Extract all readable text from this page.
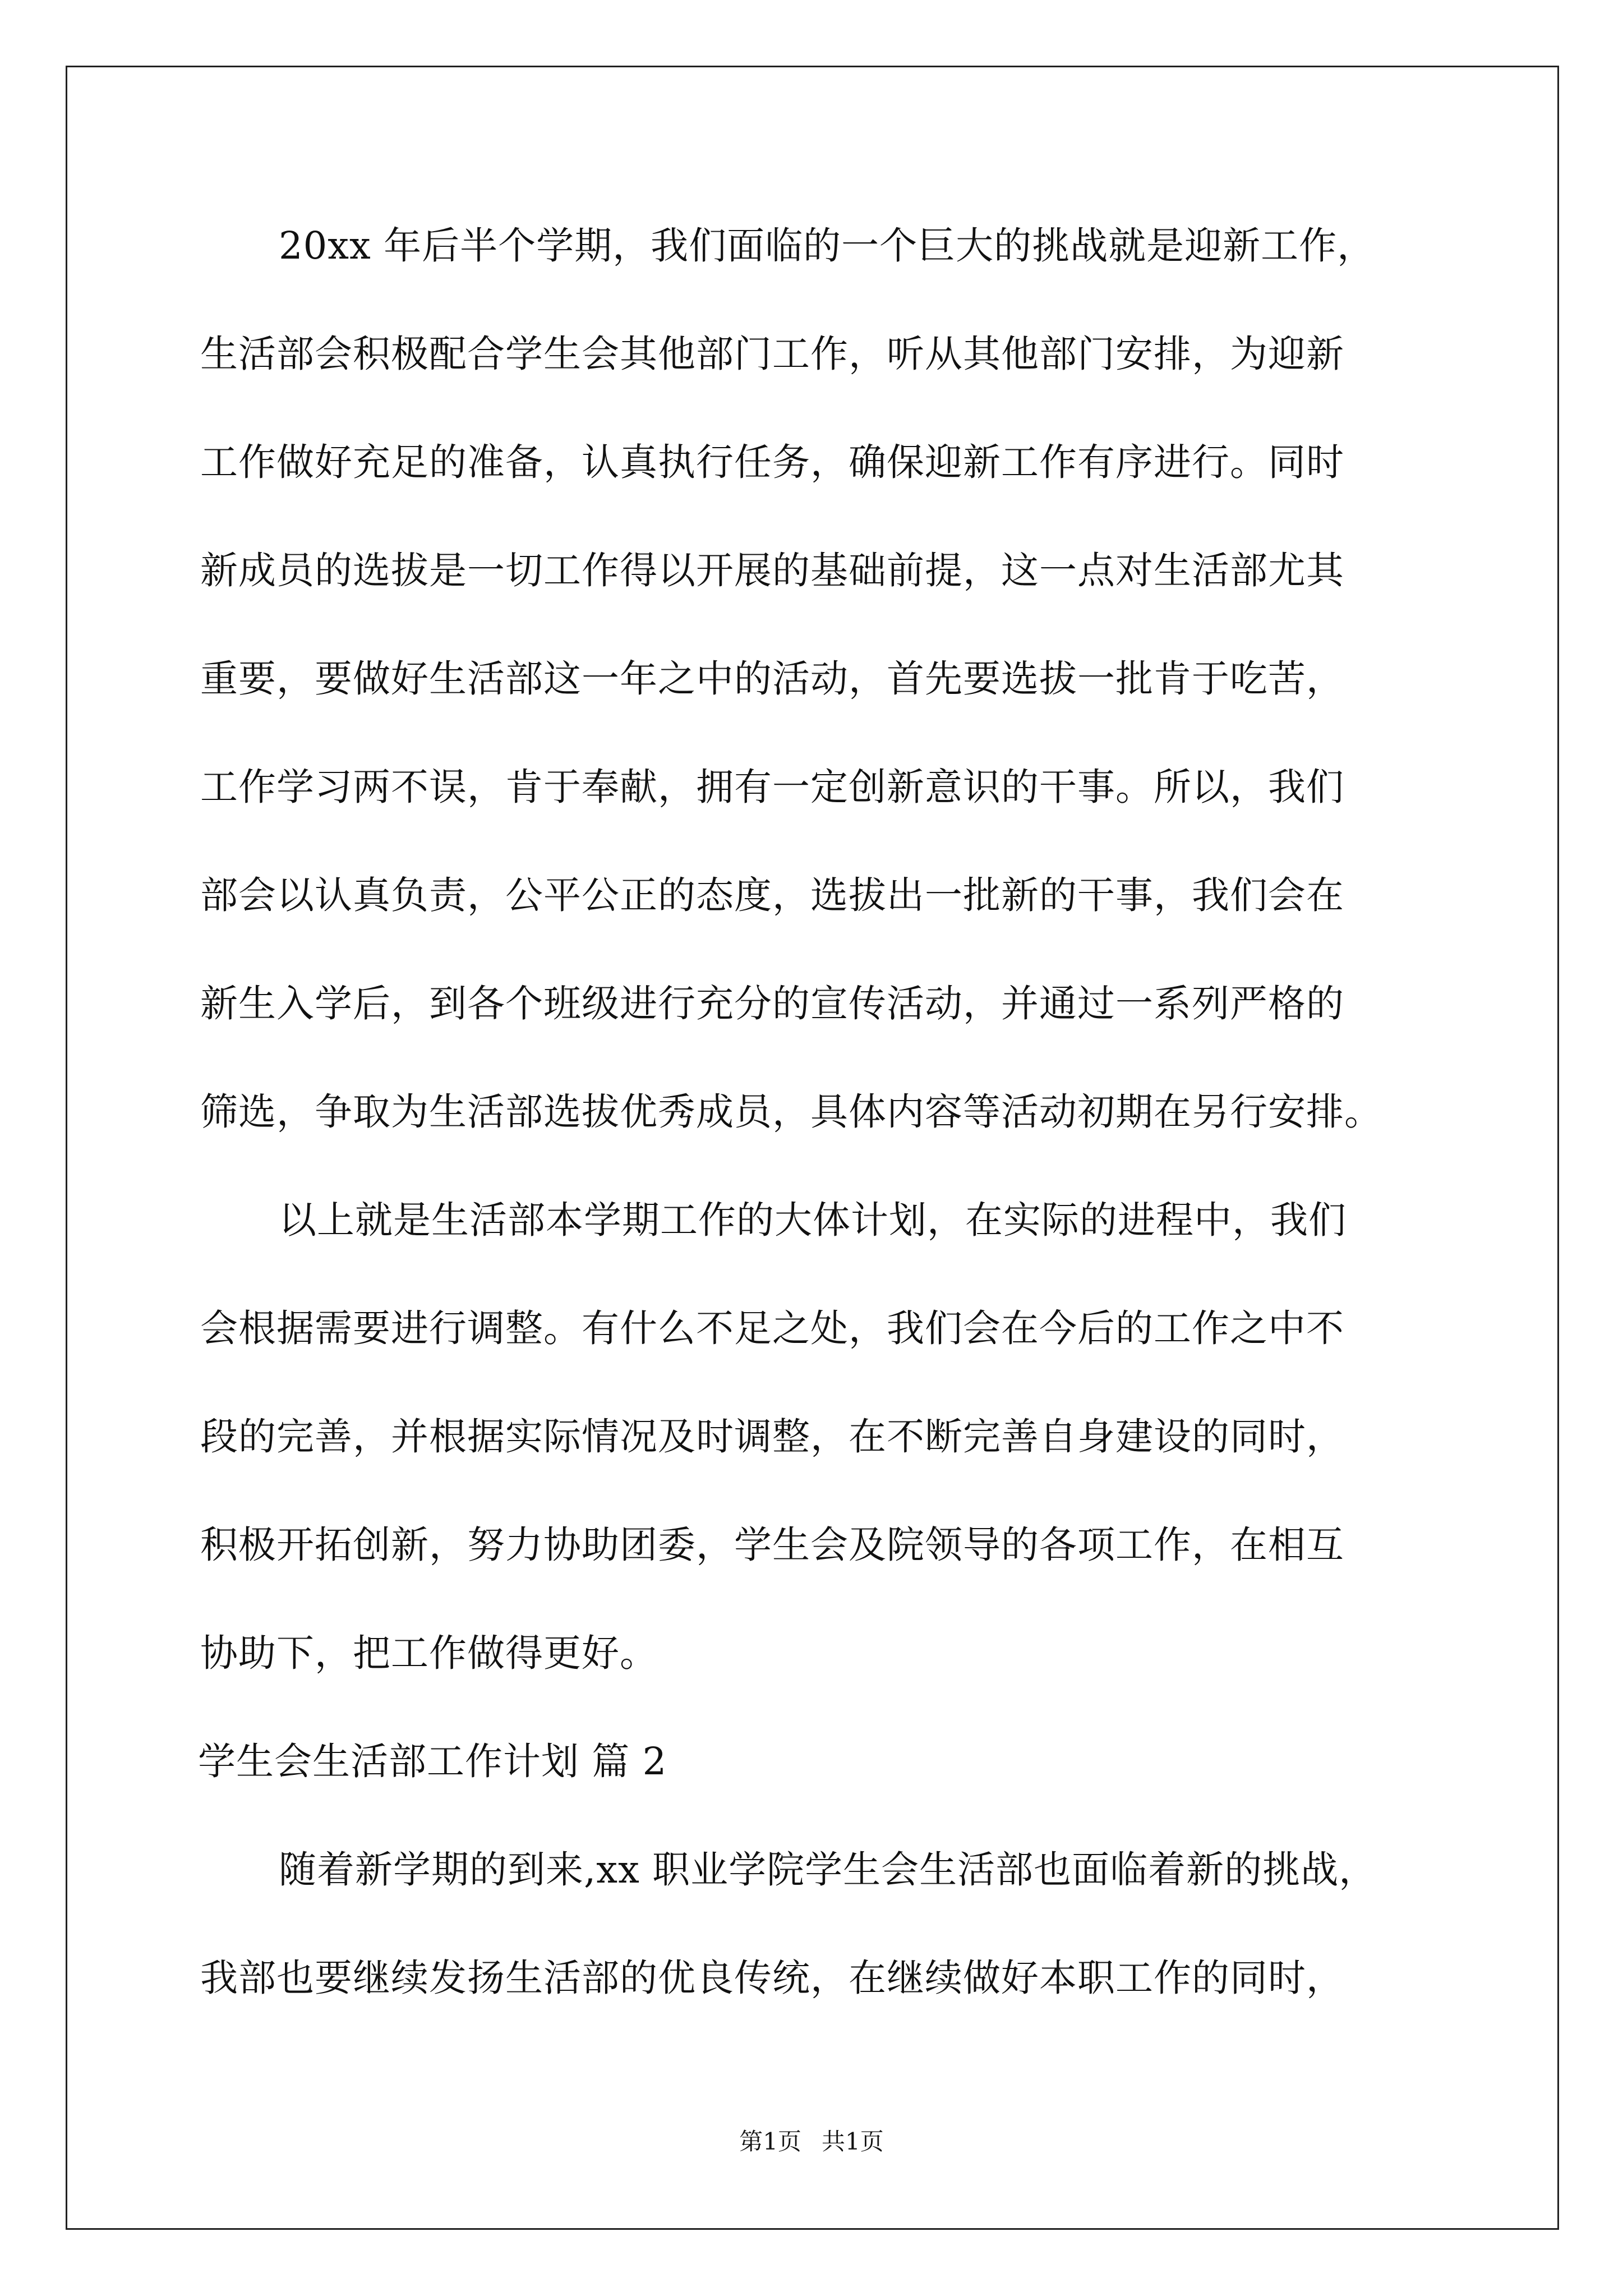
20xx 年后半个学期，我们面临的一个巨大的挑战就是迎新工作，
生活部会积极配合学生会其他部门工作，听从其他部门安排，为迎新
工作做好充足的准备，认真执行任务，确保迎新工作有序进行。同时
新成员的选拔是一切工作得以开展的基础前提，这一点对生活部尤其
重要，要做好生活部这一年之中的活动，首先要选拔一批肯于吃苦，
工作学习两不误，肯于奉献，拥有一定创新意识的干事。所以，我们
部会以认真负责，公平公正的态度，选拔出一批新的干事，我们会在
新生入学后，到各个班级进行充分的宣传活动，并通过一系列严格的
筛选，争取为生活部选拔优秀成员，具体内容等活动初期在另行安排。
以上就是生活部本学期工作的大体计划，在实际的进程中，我们
会根据需要进行调整。有什么不足之处，我们会在今后的工作之中不
段的完善，并根据实际情况及时调整，在不断完善自身建设的同时，
积极开拓创新，努力协助团委，学生会及院领导的各项工作，在相互
协助下，把工作做得更好。
学生会生活部工作计划 篇 2
随着新学期的到来,xx 职业学院学生会生活部也面临着新的挑战，
我部也要继续发扬生活部的优良传统，在继续做好本职工作的同时，
第1页 共1页
